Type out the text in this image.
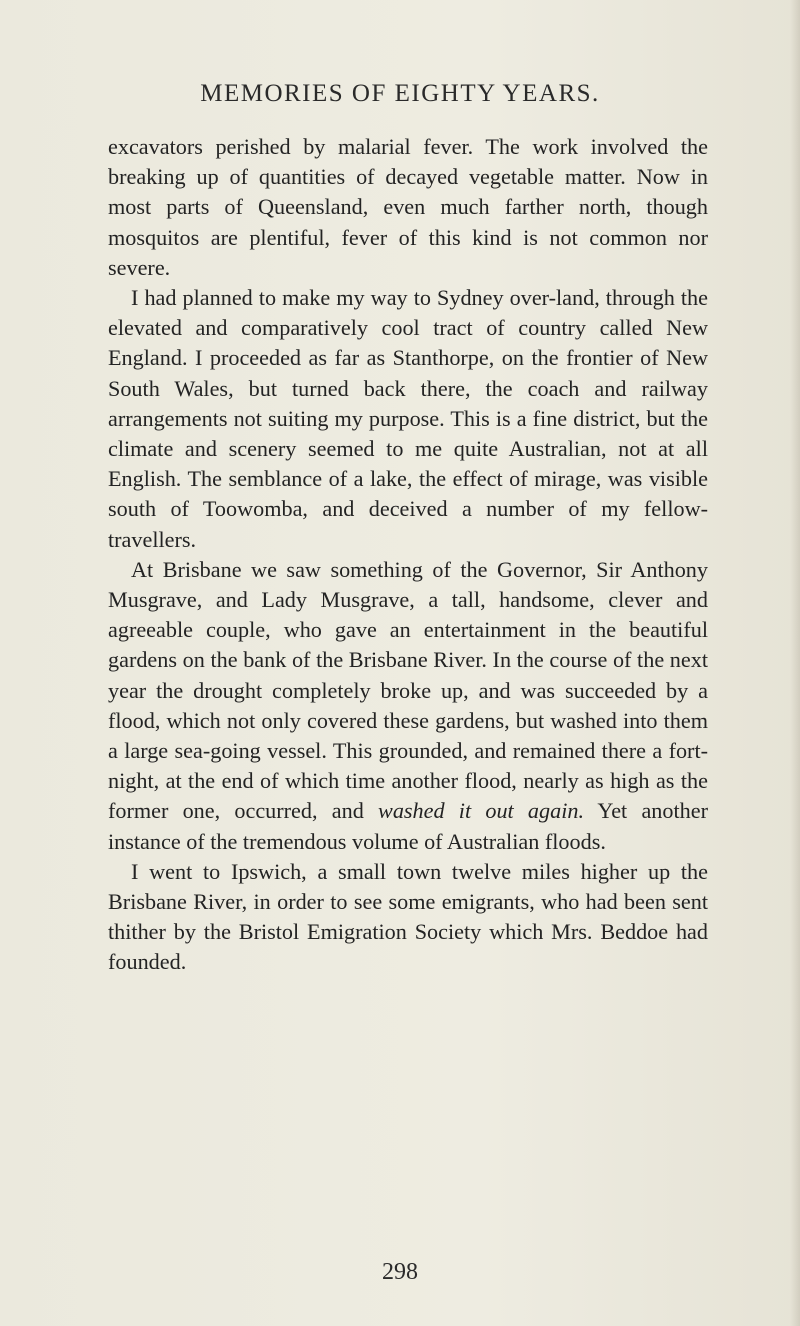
MEMORIES OF EIGHTY YEARS.

excavators perished by malarial fever. The work involved the breaking up of quantities of decayed vegetable matter. Now in most parts of Queensland, even much farther north, though mosquitos are plentiful, fever of this kind is not common nor severe.

I had planned to make my way to Sydney over-land, through the elevated and comparatively cool tract of country called New England. I proceeded as far as Stanthorpe, on the frontier of New South Wales, but turned back there, the coach and railway arrangements not suiting my purpose. This is a fine district, but the climate and scenery seemed to me quite Australian, not at all English. The semblance of a lake, the effect of mirage, was visible south of Toowomba, and deceived a number of my fellow-travellers.

At Brisbane we saw something of the Governor, Sir Anthony Musgrave, and Lady Musgrave, a tall, handsome, clever and agreeable couple, who gave an entertainment in the beautiful gardens on the bank of the Brisbane River. In the course of the next year the drought completely broke up, and was succeeded by a flood, which not only covered these gardens, but washed into them a large sea-going vessel. This grounded, and remained there a fort-night, at the end of which time another flood, nearly as high as the former one, occurred, and washed it out again. Yet another instance of the tremendous volume of Australian floods.

I went to Ipswich, a small town twelve miles higher up the Brisbane River, in order to see some emigrants, who had been sent thither by the Bristol Emigration Society which Mrs. Beddoe had founded.

298
